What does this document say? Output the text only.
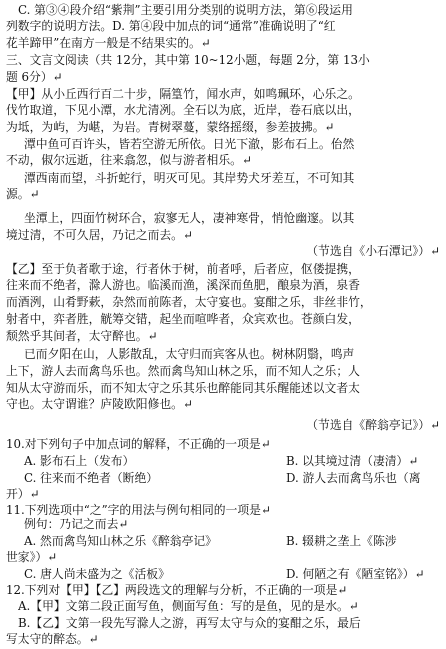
C. 第③④段介绍“紫荆”主要引用分类别的说明方法，第⑥段运用
列数字的说明方法。D. 第④段中加点的词“通常”准确说明了“红
花羊蹄甲”在南方一般是不结果实的。↵
三、文言文阅读（共 12分，其中第 10~12小题，每题 2分，第 13小
题 6分）↵
【甲】从小丘西行百二十步，隔篁竹，闻水声，如鸣珮环，心乐之。
伐竹取道，下见小潭，水尤清冽。全石以为底，近岸，卷石底以出，
为坻，为屿，为嵁，为岩。青树翠蔓，蒙络摇缀，参差披拂。↵
潭中鱼可百许头，皆若空游无所依。日光下澈，影布石上。佁然
不动，俶尔远逝，往来翕忽，似与游者相乐。↵
潭西南而望，斗折蛇行，明灭可见。其岸势犬牙差互，不可知其
源。↵
坐潭上，四面竹树环合，寂寥无人，凄神寒骨，悄怆幽邃。以其
境过清，不可久居，乃记之而去。↵
（节选自《小石潭记》）↵
【乙】至于负者歌于途，行者休于树，前者呼，后者应，伛偻提携，
往来而不绝者，滁人游也。临溪而渔，溪深而鱼肥，酿泉为酒，泉香
而酒洌，山肴野蔌，杂然而前陈者，太守宴也。宴酣之乐，非丝非竹，
射者中，弈者胜，觥筹交错，起坐而喧哗者，众宾欢也。苍颜白发，
颓然乎其间者，太守醉也。↵
已而夕阳在山，人影散乱，太守归而宾客从也。树林阴翳，鸣声
上下，游人去而禽鸟乐也。然而禽鸟知山林之乐，而不知人之乐；人
知从太守游而乐，而不知太守之乐其乐也醉能同其乐醒能述以文者太
守也。太守谓谁？庐陵欧阳修也。↵
（节选自《醉翁亭记》）↵
10.对下列句子中加点词的解释，不正确的一项是↵
A. 影布石上（发布）	B. 以其境过清（凄清）↵
C. 往来而不绝者（断绝）	D. 游人去而禽鸟乐也（离
开）↵
11.下列选项中“之”字的用法与例句相同的一项是↵
例句：乃记之而去↵
A. 然而禽鸟知山林之乐《醉翁亭记》	B. 辍耕之垄上《陈涉
世家》）↵
C. 唐人尚未盛为之《活板》	D. 何陋之有《陋室铭》）↵
12.下列对【甲】【乙】两段选文的理解与分析，不正确的一项是↵
A.【甲】文第二段正面写鱼，侧面写鱼：写的是鱼，见的是水。↵
B.【乙】文第一段先写滁人之游，再写太守与众的宴酣之乐，最后
写太守的醉态。↵
